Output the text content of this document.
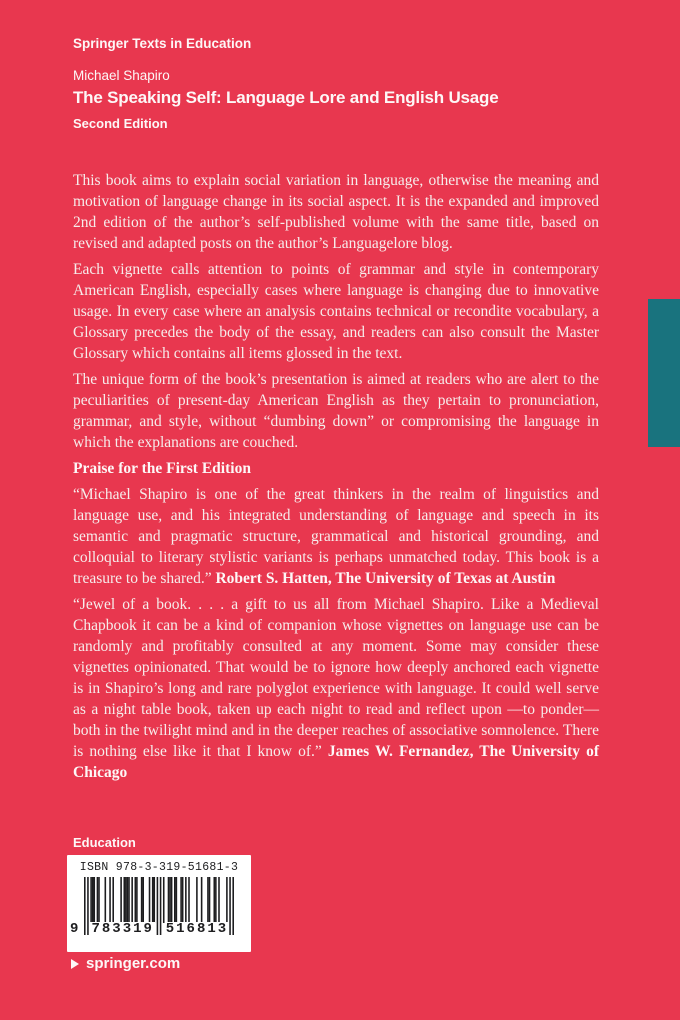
Springer Texts in Education
Michael Shapiro
The Speaking Self: Language Lore and English Usage
Second Edition

This book aims to explain social variation in language, otherwise the meaning and motivation of language change in its social aspect. It is the expanded and improved 2nd edition of the author’s self-published volume with the same title, based on revised and adapted posts on the author’s Languagelore blog.

Each vignette calls attention to points of grammar and style in contemporary American English, especially cases where language is changing due to innovative usage. In every case where an analysis contains technical or recondite vocabulary, a Glossary precedes the body of the essay, and readers can also consult the Master Glossary which contains all items glossed in the text.

The unique form of the book’s presentation is aimed at readers who are alert to the peculiarities of present-day American English as they pertain to pronunciation, grammar, and style, without “dumbing down” or compromising the language in which the explanations are couched.

Praise for the First Edition

“Michael Shapiro is one of the great thinkers in the realm of linguistics and language use, and his integrated understanding of language and speech in its semantic and pragmatic structure, grammatical and historical grounding, and colloquial to literary stylistic variants is perhaps unmatched today. This book is a treasure to be shared.” Robert S. Hatten, The University of Texas at Austin

“Jewel of a book. . . . a gift to us all from Michael Shapiro. Like a Medieval Chapbook it can be a kind of companion whose vignettes on language use can be randomly and profitably consulted at any moment. Some may consider these vignettes opinionated. That would be to ignore how deeply anchored each vignette is in Shapiro’s long and rare polyglot experience with language. It could well serve as a night table book, taken up each night to read and reflect upon —to ponder—both in the twilight mind and in the deeper reaches of associative somnolence. There is nothing else like it that I know of.” James W. Fernandez, The University of Chicago

Education
ISBN 978-3-319-51681-3
9 783319 516813
springer.com
